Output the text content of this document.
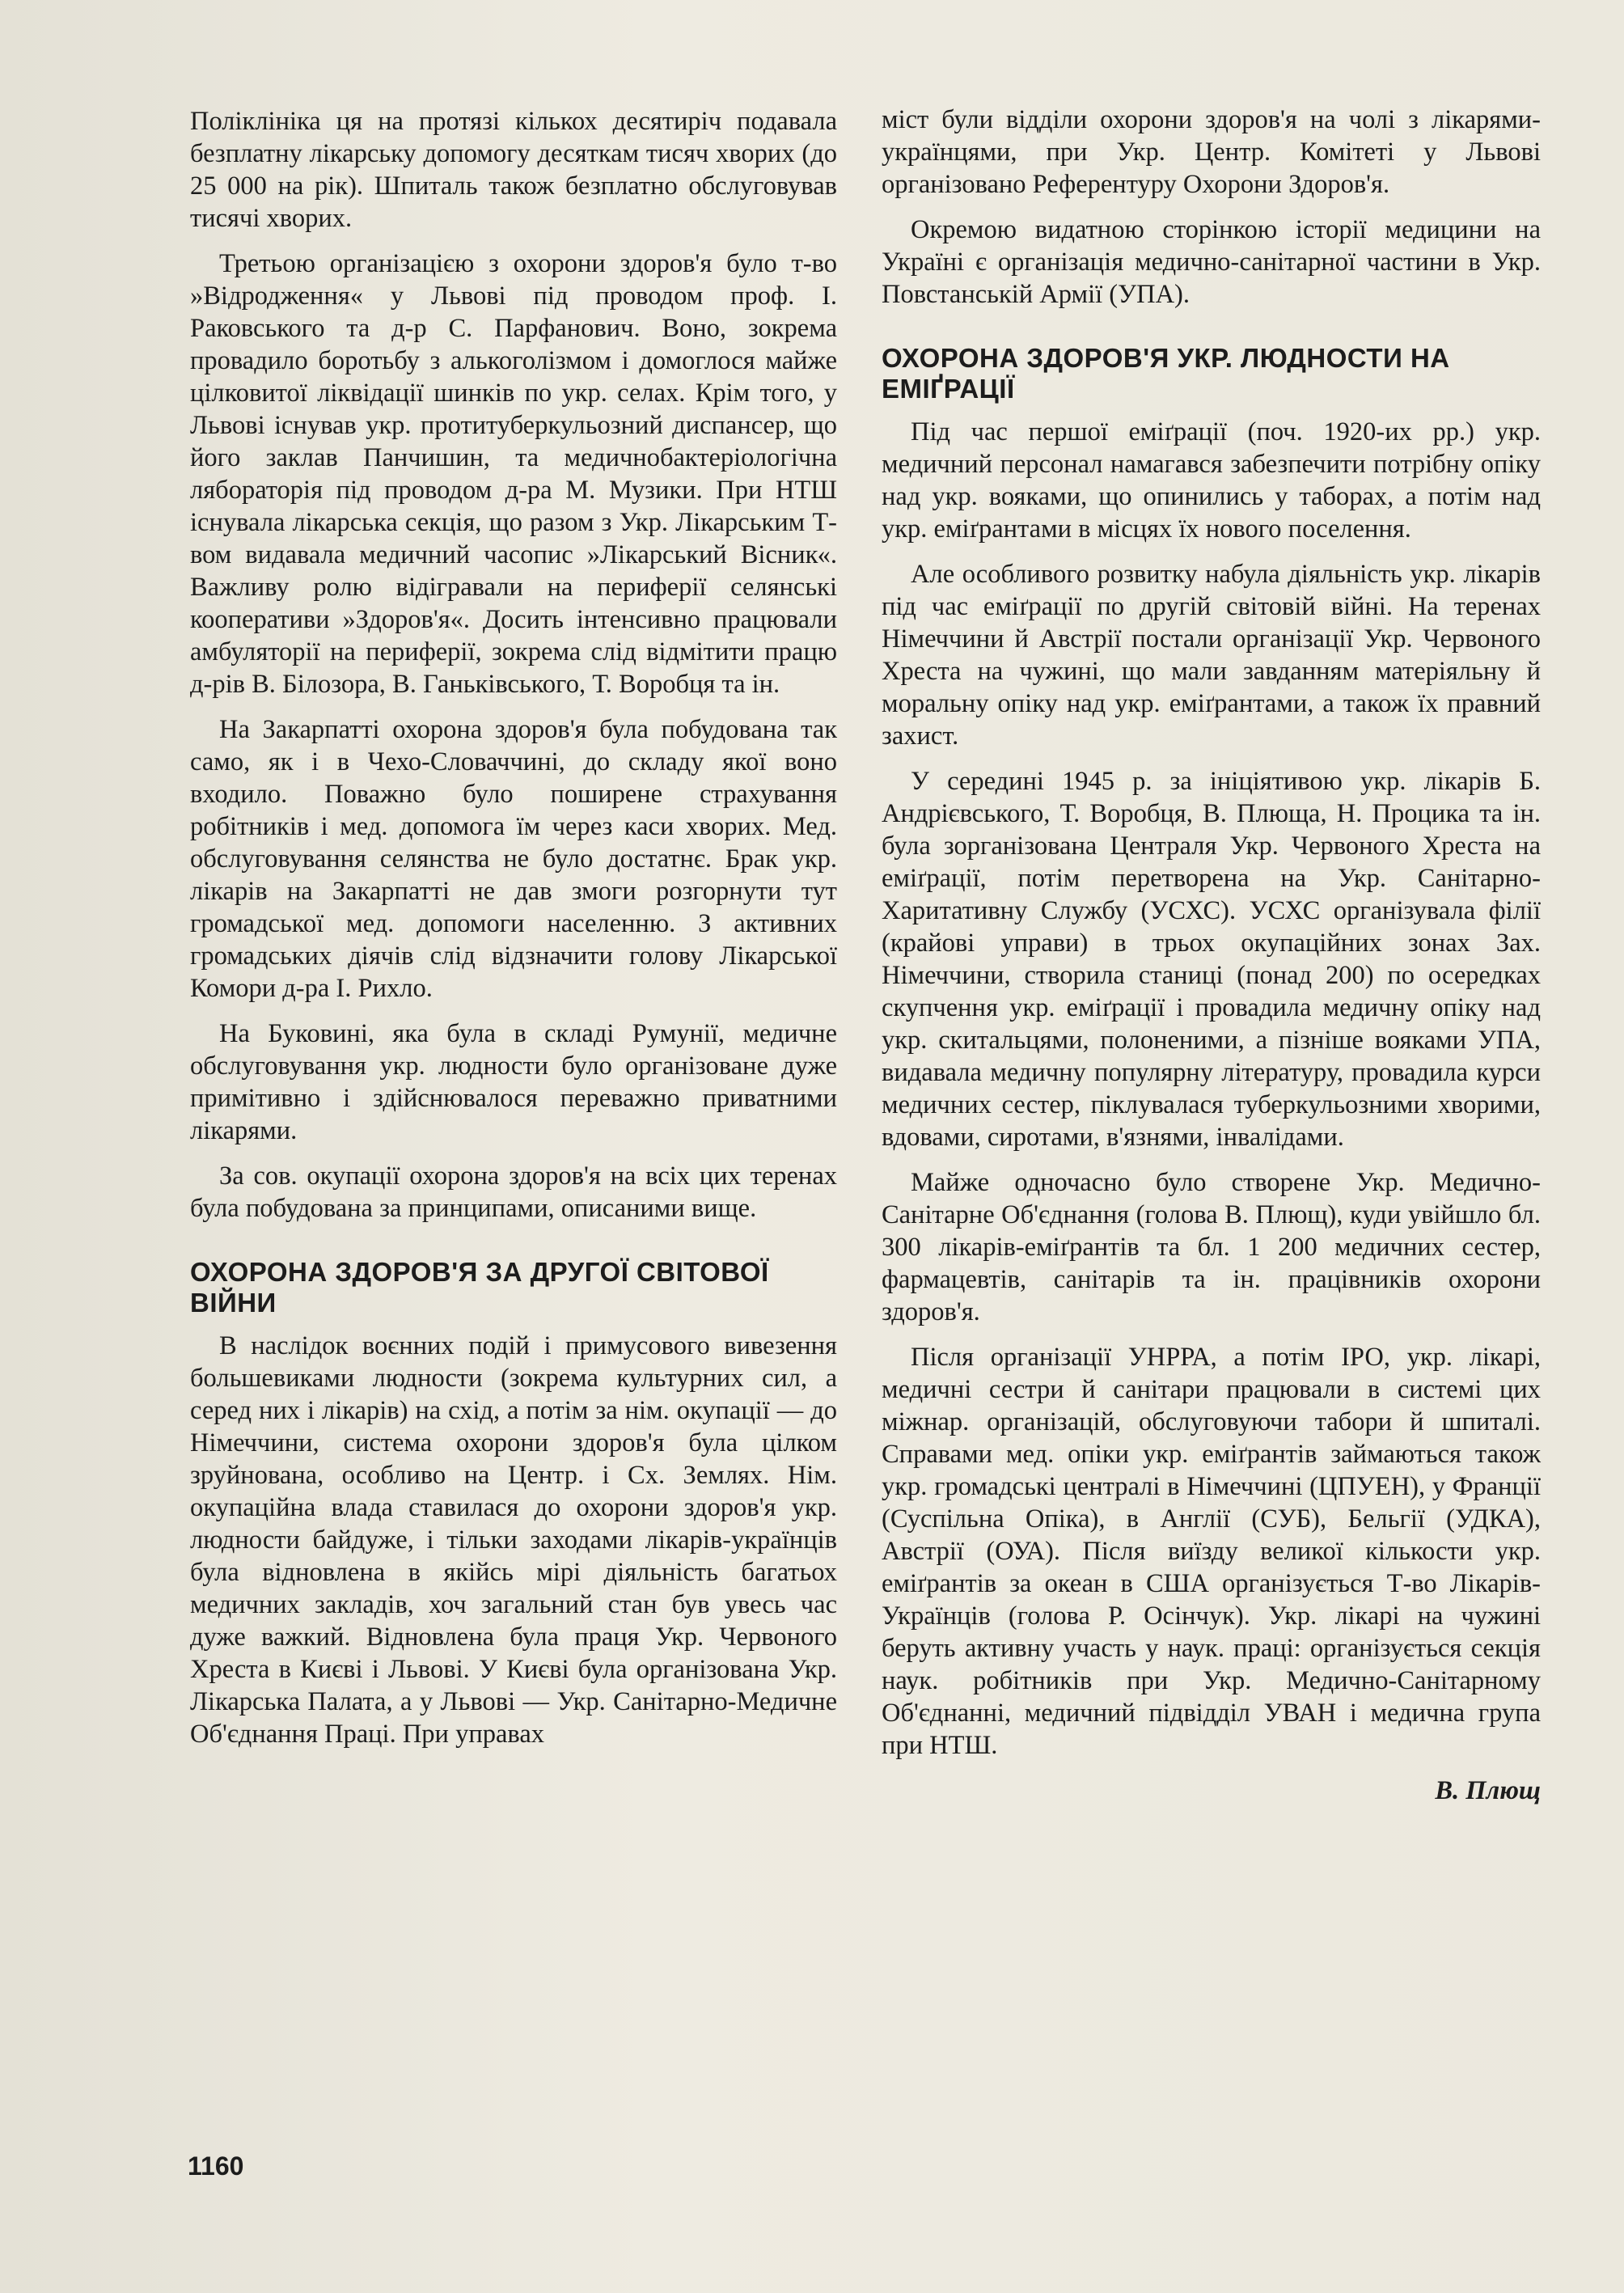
Поліклініка ця на протязі кількох десятиріч подавала безплатну лікарську допомогу десяткам тисяч хворих (до 25 000 на рік). Шпиталь також безплатно обслуговував тисячі хворих.

Третьою організацією з охорони здоров'я було т-во »Відродження« у Львові під проводом проф. І. Раковського та д-р С. Парфанович. Воно, зокрема провадило боротьбу з алькоголізмом і домоглося майже цілковитої ліквідації шинків по укр. селах. Крім того, у Львові існував укр. протитуберкульозний диспансер, що його заклав Панчишин, та медичнобактеріологічна лябораторія під проводом д-ра М. Музики. При НТШ існувала лікарська секція, що разом з Укр. Лікарським Т-вом видавала медичний часопис »Лікарський Вісник«. Важливу ролю відігравали на периферії селянські кооперативи »Здоров'я«. Досить інтенсивно працювали амбуляторії на периферії, зокрема слід відмітити працю д-рів В. Білозора, В. Ганьківського, Т. Воробця та ін.

На Закарпатті охорона здоров'я була побудована так само, як і в Чехо-Словаччині, до складу якої воно входило. Поважно було поширене страхування робітників і мед. допомога їм через каси хворих. Мед. обслуговування селянства не було достатнє. Брак укр. лікарів на Закарпатті не дав змоги розгорнути тут громадської мед. допомоги населенню. З активних громадських діячів слід відзначити голову Лікарської Комори д-ра І. Рихло.

На Буковині, яка була в складі Румунії, медичне обслуговування укр. людности було організоване дуже примітивно і здійснювалося переважно приватними лікарями.

За сов. окупації охорона здоров'я на всіх цих теренах була побудована за принципами, описаними вище.

ОХОРОНА ЗДОРОВ'Я ЗА ДРУГОЇ СВІТОВОЇ ВІЙНИ

В наслідок воєнних подій і примусового вивезення большевиками людности (зокрема культурних сил, а серед них і лікарів) на схід, а потім за нім. окупації — до Німеччини, система охорони здоров'я була цілком зруйнована, особливо на Центр. і Сх. Землях. Нім. окупаційна влада ставилася до охорони здоров'я укр. людности байдуже, і тільки заходами лікарів-українців була відновлена в якійсь мірі діяльність багатьох медичних закладів, хоч загальний стан був увесь час дуже важкий. Відновлена була праця Укр. Червоного Хреста в Києві і Львові. У Києві була організована Укр. Лікарська Палата, а у Львові — Укр. Санітарно-Медичне Об'єднання Праці. При управах

міст були відділи охорони здоров'я на чолі з лікарями-українцями, при Укр. Центр. Комітеті у Львові організовано Референтуру Охорони Здоров'я.

Окремою видатною сторінкою історії медицини на Україні є організація медично-санітарної частини в Укр. Повстанській Армії (УПА).

ОХОРОНА ЗДОРОВ'Я УКР. ЛЮДНОСТИ НА ЕМІҐРАЦІЇ

Під час першої еміґрації (поч. 1920-их рр.) укр. медичний персонал намагався забезпечити потрібну опіку над укр. вояками, що опинились у таборах, а потім над укр. еміґрантами в місцях їх нового поселення.

Але особливого розвитку набула діяльність укр. лікарів під час еміґрації по другій світовій війні. На теренах Німеччини й Австрії постали організації Укр. Червоного Хреста на чужині, що мали завданням матеріяльну й моральну опіку над укр. еміґрантами, а також їх правний захист.

У середині 1945 р. за ініціятивою укр. лікарів Б. Андрієвського, Т. Воробця, В. Плюща, Н. Процика та ін. була зорганізована Централя Укр. Червоного Хреста на еміґрації, потім перетворена на Укр. Санітарно-Харитативну Службу (УСХС). УСХС організувала філії (крайові управи) в трьох окупаційних зонах Зах. Німеччини, створила станиці (понад 200) по осередках скупчення укр. еміґрації і провадила медичну опіку над укр. скитальцями, полоненими, а пізніше вояками УПА, видавала медичну популярну літературу, провадила курси медичних сестер, піклувалася туберкульозними хворими, вдовами, сиротами, в'язнями, інвалідами.

Майже одночасно було створене Укр. Медично-Санітарне Об'єднання (голова В. Плющ), куди увійшло бл. 300 лікарів-еміґрантів та бл. 1 200 медичних сестер, фармацевтів, санітарів та ін. працівників охорони здоров'я.

Після організації УНРРА, а потім ІРО, укр. лікарі, медичні сестри й санітари працювали в системі цих міжнар. організацій, обслуговуючи табори й шпиталі. Справами мед. опіки укр. еміґрантів займаються також укр. громадські централі в Німеччині (ЦПУЕН), у Франції (Суспільна Опіка), в Англії (СУБ), Бельгії (УДКА), Австрії (ОУА). Після виїзду великої кількости укр. еміґрантів за океан в США організується Т-во Лікарів-Українців (голова Р. Осінчук). Укр. лікарі на чужині беруть активну участь у наук. праці: організується секція наук. робітників при Укр. Медично-Санітарному Об'єднанні, медичний підвідділ УВАН і медична група при НТШ.

В. Плющ

1160
